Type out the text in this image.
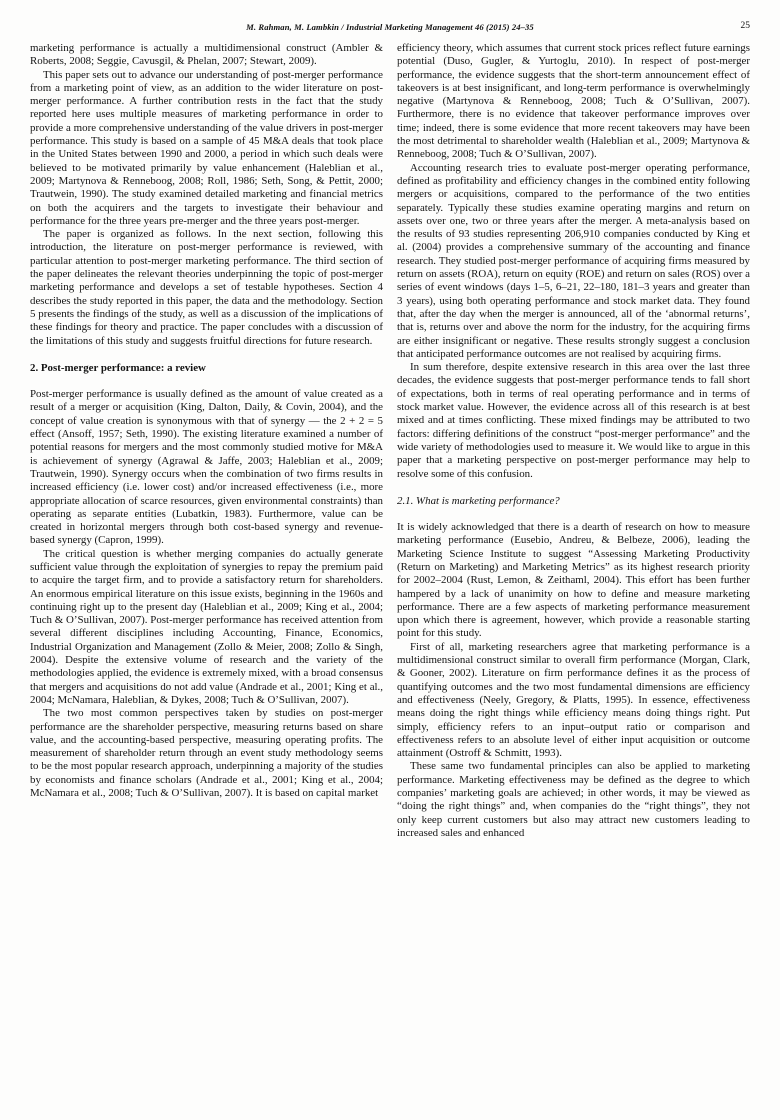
M. Rahman, M. Lambkin / Industrial Marketing Management 46 (2015) 24–35	25

marketing performance is actually a multidimensional construct (Ambler & Roberts, 2008; Seggie, Cavusgil, & Phelan, 2007; Stewart, 2009).

This paper sets out to advance our understanding of post-merger performance from a marketing point of view, as an addition to the wider literature on post-merger performance. A further contribution rests in the fact that the study reported here uses multiple measures of marketing performance in order to provide a more comprehensive understanding of the value drivers in post-merger performance. This study is based on a sample of 45 M&A deals that took place in the United States between 1990 and 2000, a period in which such deals were believed to be motivated primarily by value enhancement (Haleblian et al., 2009; Martynova & Renneboog, 2008; Roll, 1986; Seth, Song, & Pettit, 2000; Trautwein, 1990). The study examined detailed marketing and financial metrics on both the acquirers and the targets to investigate their behaviour and performance for the three years pre-merger and the three years post-merger.

The paper is organized as follows. In the next section, following this introduction, the literature on post-merger performance is reviewed, with particular attention to post-merger marketing performance. The third section of the paper delineates the relevant theories underpinning the topic of post-merger marketing performance and develops a set of testable hypotheses. Section 4 describes the study reported in this paper, the data and the methodology. Section 5 presents the findings of the study, as well as a discussion of the implications of these findings for theory and practice. The paper concludes with a discussion of the limitations of this study and suggests fruitful directions for future research.

2. Post-merger performance: a review

Post-merger performance is usually defined as the amount of value created as a result of a merger or acquisition (King, Dalton, Daily, & Covin, 2004), and the concept of value creation is synonymous with that of synergy — the 2 + 2 = 5 effect (Ansoff, 1957; Seth, 1990). The existing literature examined a number of potential reasons for mergers and the most commonly studied motive for M&A is achievement of synergy (Agrawal & Jaffe, 2003; Haleblian et al., 2009; Trautwein, 1990). Synergy occurs when the combination of two firms results in increased efficiency (i.e. lower cost) and/or increased effectiveness (i.e., more appropriate allocation of scarce resources, given environmental constraints) than operating as separate entities (Lubatkin, 1983). Furthermore, value can be created in horizontal mergers through both cost-based synergy and revenue-based synergy (Capron, 1999).

The critical question is whether merging companies do actually generate sufficient value through the exploitation of synergies to repay the premium paid to acquire the target firm, and to provide a satisfactory return for shareholders. An enormous empirical literature on this issue exists, beginning in the 1960s and continuing right up to the present day (Haleblian et al., 2009; King et al., 2004; Tuch & O’Sullivan, 2007). Post-merger performance has received attention from several different disciplines including Accounting, Finance, Economics, Industrial Organization and Management (Zollo & Meier, 2008; Zollo & Singh, 2004). Despite the extensive volume of research and the variety of the methodologies applied, the evidence is extremely mixed, with a broad consensus that mergers and acquisitions do not add value (Andrade et al., 2001; King et al., 2004; McNamara, Haleblian, & Dykes, 2008; Tuch & O’Sullivan, 2007).

The two most common perspectives taken by studies on post-merger performance are the shareholder perspective, measuring returns based on share value, and the accounting-based perspective, measuring operating profits. The measurement of shareholder return through an event study methodology seems to be the most popular research approach, underpinning a majority of the studies by economists and finance scholars (Andrade et al., 2001; King et al., 2004; McNamara et al., 2008; Tuch & O’Sullivan, 2007). It is based on capital market

efficiency theory, which assumes that current stock prices reflect future earnings potential (Duso, Gugler, & Yurtoglu, 2010). In respect of post-merger performance, the evidence suggests that the short-term announcement effect of takeovers is at best insignificant, and long-term performance is overwhelmingly negative (Martynova & Renneboog, 2008; Tuch & O’Sullivan, 2007). Furthermore, there is no evidence that takeover performance improves over time; indeed, there is some evidence that more recent takeovers may have been the most detrimental to shareholder wealth (Haleblian et al., 2009; Martynova & Renneboog, 2008; Tuch & O’Sullivan, 2007).

Accounting research tries to evaluate post-merger operating performance, defined as profitability and efficiency changes in the combined entity following mergers or acquisitions, compared to the performance of the two entities separately. Typically these studies examine operating margins and return on assets over one, two or three years after the merger. A meta-analysis based on the results of 93 studies representing 206,910 companies conducted by King et al. (2004) provides a comprehensive summary of the accounting and finance research. They studied post-merger performance of acquiring firms measured by return on assets (ROA), return on equity (ROE) and return on sales (ROS) over a series of event windows (days 1–5, 6–21, 22–180, 181–3 years and greater than 3 years), using both operating performance and stock market data. They found that, after the day when the merger is announced, all of the ‘abnormal returns’, that is, returns over and above the norm for the industry, for the acquiring firms are either insignificant or negative. These results strongly suggest a conclusion that anticipated performance outcomes are not realised by acquiring firms.

In sum therefore, despite extensive research in this area over the last three decades, the evidence suggests that post-merger performance tends to fall short of expectations, both in terms of real operating performance and in terms of stock market value. However, the evidence across all of this research is at best mixed and at times conflicting. These mixed findings may be attributed to two factors: differing definitions of the construct “post-merger performance” and the wide variety of methodologies used to measure it. We would like to argue in this paper that a marketing perspective on post-merger performance may help to resolve some of this confusion.

2.1. What is marketing performance?

It is widely acknowledged that there is a dearth of research on how to measure marketing performance (Eusebio, Andreu, & Belbeze, 2006), leading the Marketing Science Institute to suggest “Assessing Marketing Productivity (Return on Marketing) and Marketing Metrics” as its highest research priority for 2002–2004 (Rust, Lemon, & Zeithaml, 2004). This effort has been further hampered by a lack of unanimity on how to define and measure marketing performance. There are a few aspects of marketing performance measurement upon which there is agreement, however, which provide a reasonable starting point for this study.

First of all, marketing researchers agree that marketing performance is a multidimensional construct similar to overall firm performance (Morgan, Clark, & Gooner, 2002). Literature on firm performance defines it as the process of quantifying outcomes and the two most fundamental dimensions are efficiency and effectiveness (Neely, Gregory, & Platts, 1995). In essence, effectiveness means doing the right things while efficiency means doing things right. Put simply, efficiency refers to an input–output ratio or comparison and effectiveness refers to an absolute level of either input acquisition or outcome attainment (Ostroff & Schmitt, 1993).

These same two fundamental principles can also be applied to marketing performance. Marketing effectiveness may be defined as the degree to which companies’ marketing goals are achieved; in other words, it may be viewed as “doing the right things” and, when companies do the “right things”, they not only keep current customers but also may attract new customers leading to increased sales and enhanced
